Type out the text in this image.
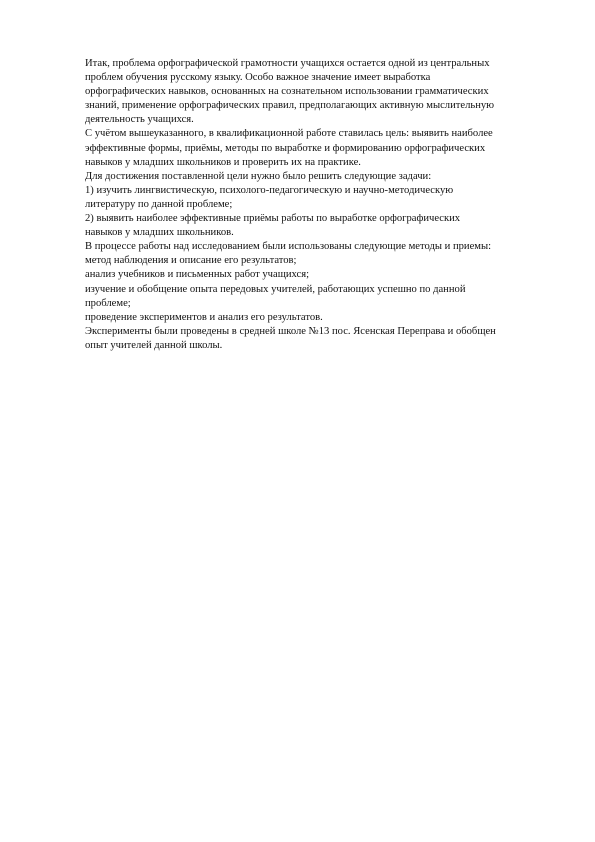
Итак, проблема орфографической грамотности учащихся остается одной из центральных
проблем обучения русскому языку. Особо важное значение имеет выработка
орфографических навыков, основанных на сознательном использовании грамматических
знаний, применение орфографических правил, предполагающих активную мыслительную
деятельность учащихся.

С учётом вышеуказанного, в квалификационной работе ставилась цель: выявить наиболее
эффективные формы, приёмы, методы по выработке и формированию орфографических
навыков у младших школьников и проверить их на практике.

Для достижения поставленной цели нужно было решить следующие задачи:

1) изучить лингвистическую, психолого-педагогическую и научно-методическую
литературу по данной проблеме;

2) выявить наиболее эффективные приёмы работы по выработке орфографических
навыков у младших школьников.

В процессе работы над исследованием были использованы следующие методы и приемы:

метод наблюдения и описание его результатов;

анализ учебников и письменных работ учащихся;

изучение и обобщение опыта передовых учителей, работающих успешно по данной
проблеме;

проведение экспериментов и анализ его результатов.

Эксперименты были проведены в средней школе №13 пос. Ясенская Переправа и обобщен
опыт учителей данной школы.
